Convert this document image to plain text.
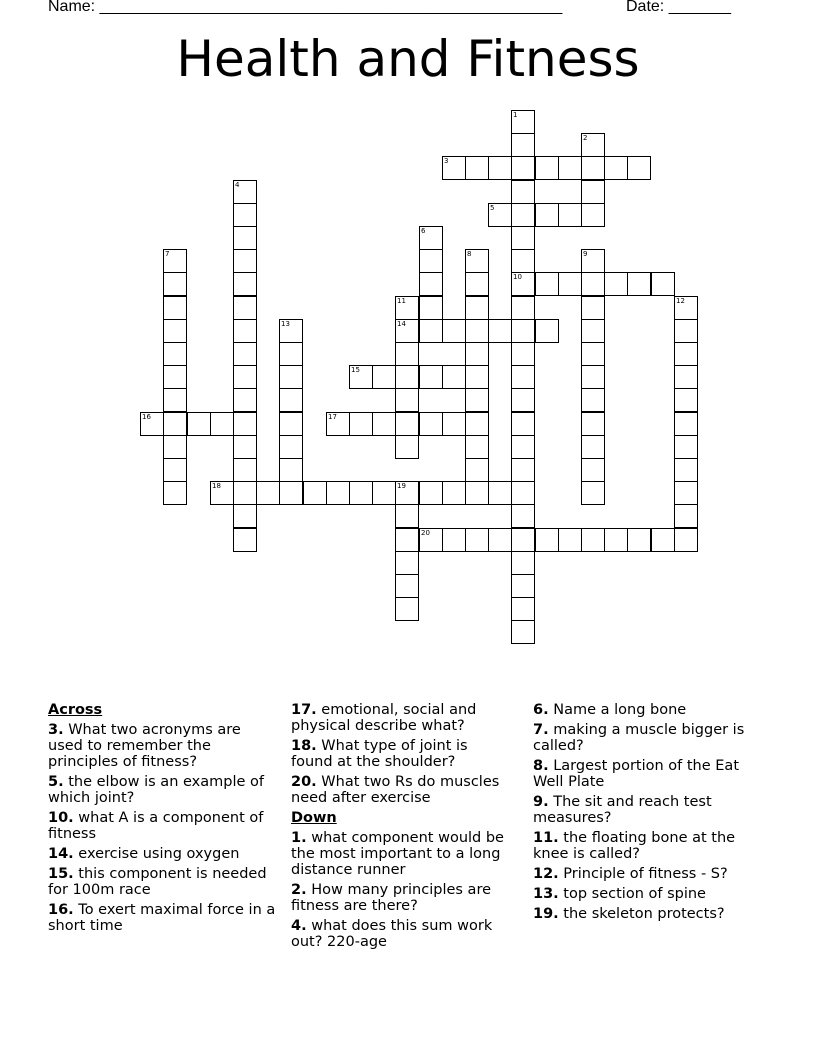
Name: ____________________________________________________	Date: _______
Health and Fitness
1
10
2
3
4
5
6
7	8	9
11
14
12
13
15
16	17
18	19
20
Across
3. What two acronyms are used to remember the principles of fitness?
5. the elbow is an example of which joint?
10. what A is a component of fitness
14. exercise using oxygen
15. this component is needed for 100m race
16. To exert maximal force in a short time
17. emotional, social and physical describe what?
18. What type of joint is found at the shoulder?
20. What two Rs do muscles need after exercise
Down
1. what component would be the most important to a long distance runner
2. How many principles are fitness are there?
4. what does this sum work out? 220-age
6. Name a long bone
7. making a muscle bigger is called?
8. Largest portion of the Eat Well Plate
9. The sit and reach test measures?
11. the floating bone at the knee is called?
12. Principle of fitness - S?
13. top section of spine
19. the skeleton protects?
